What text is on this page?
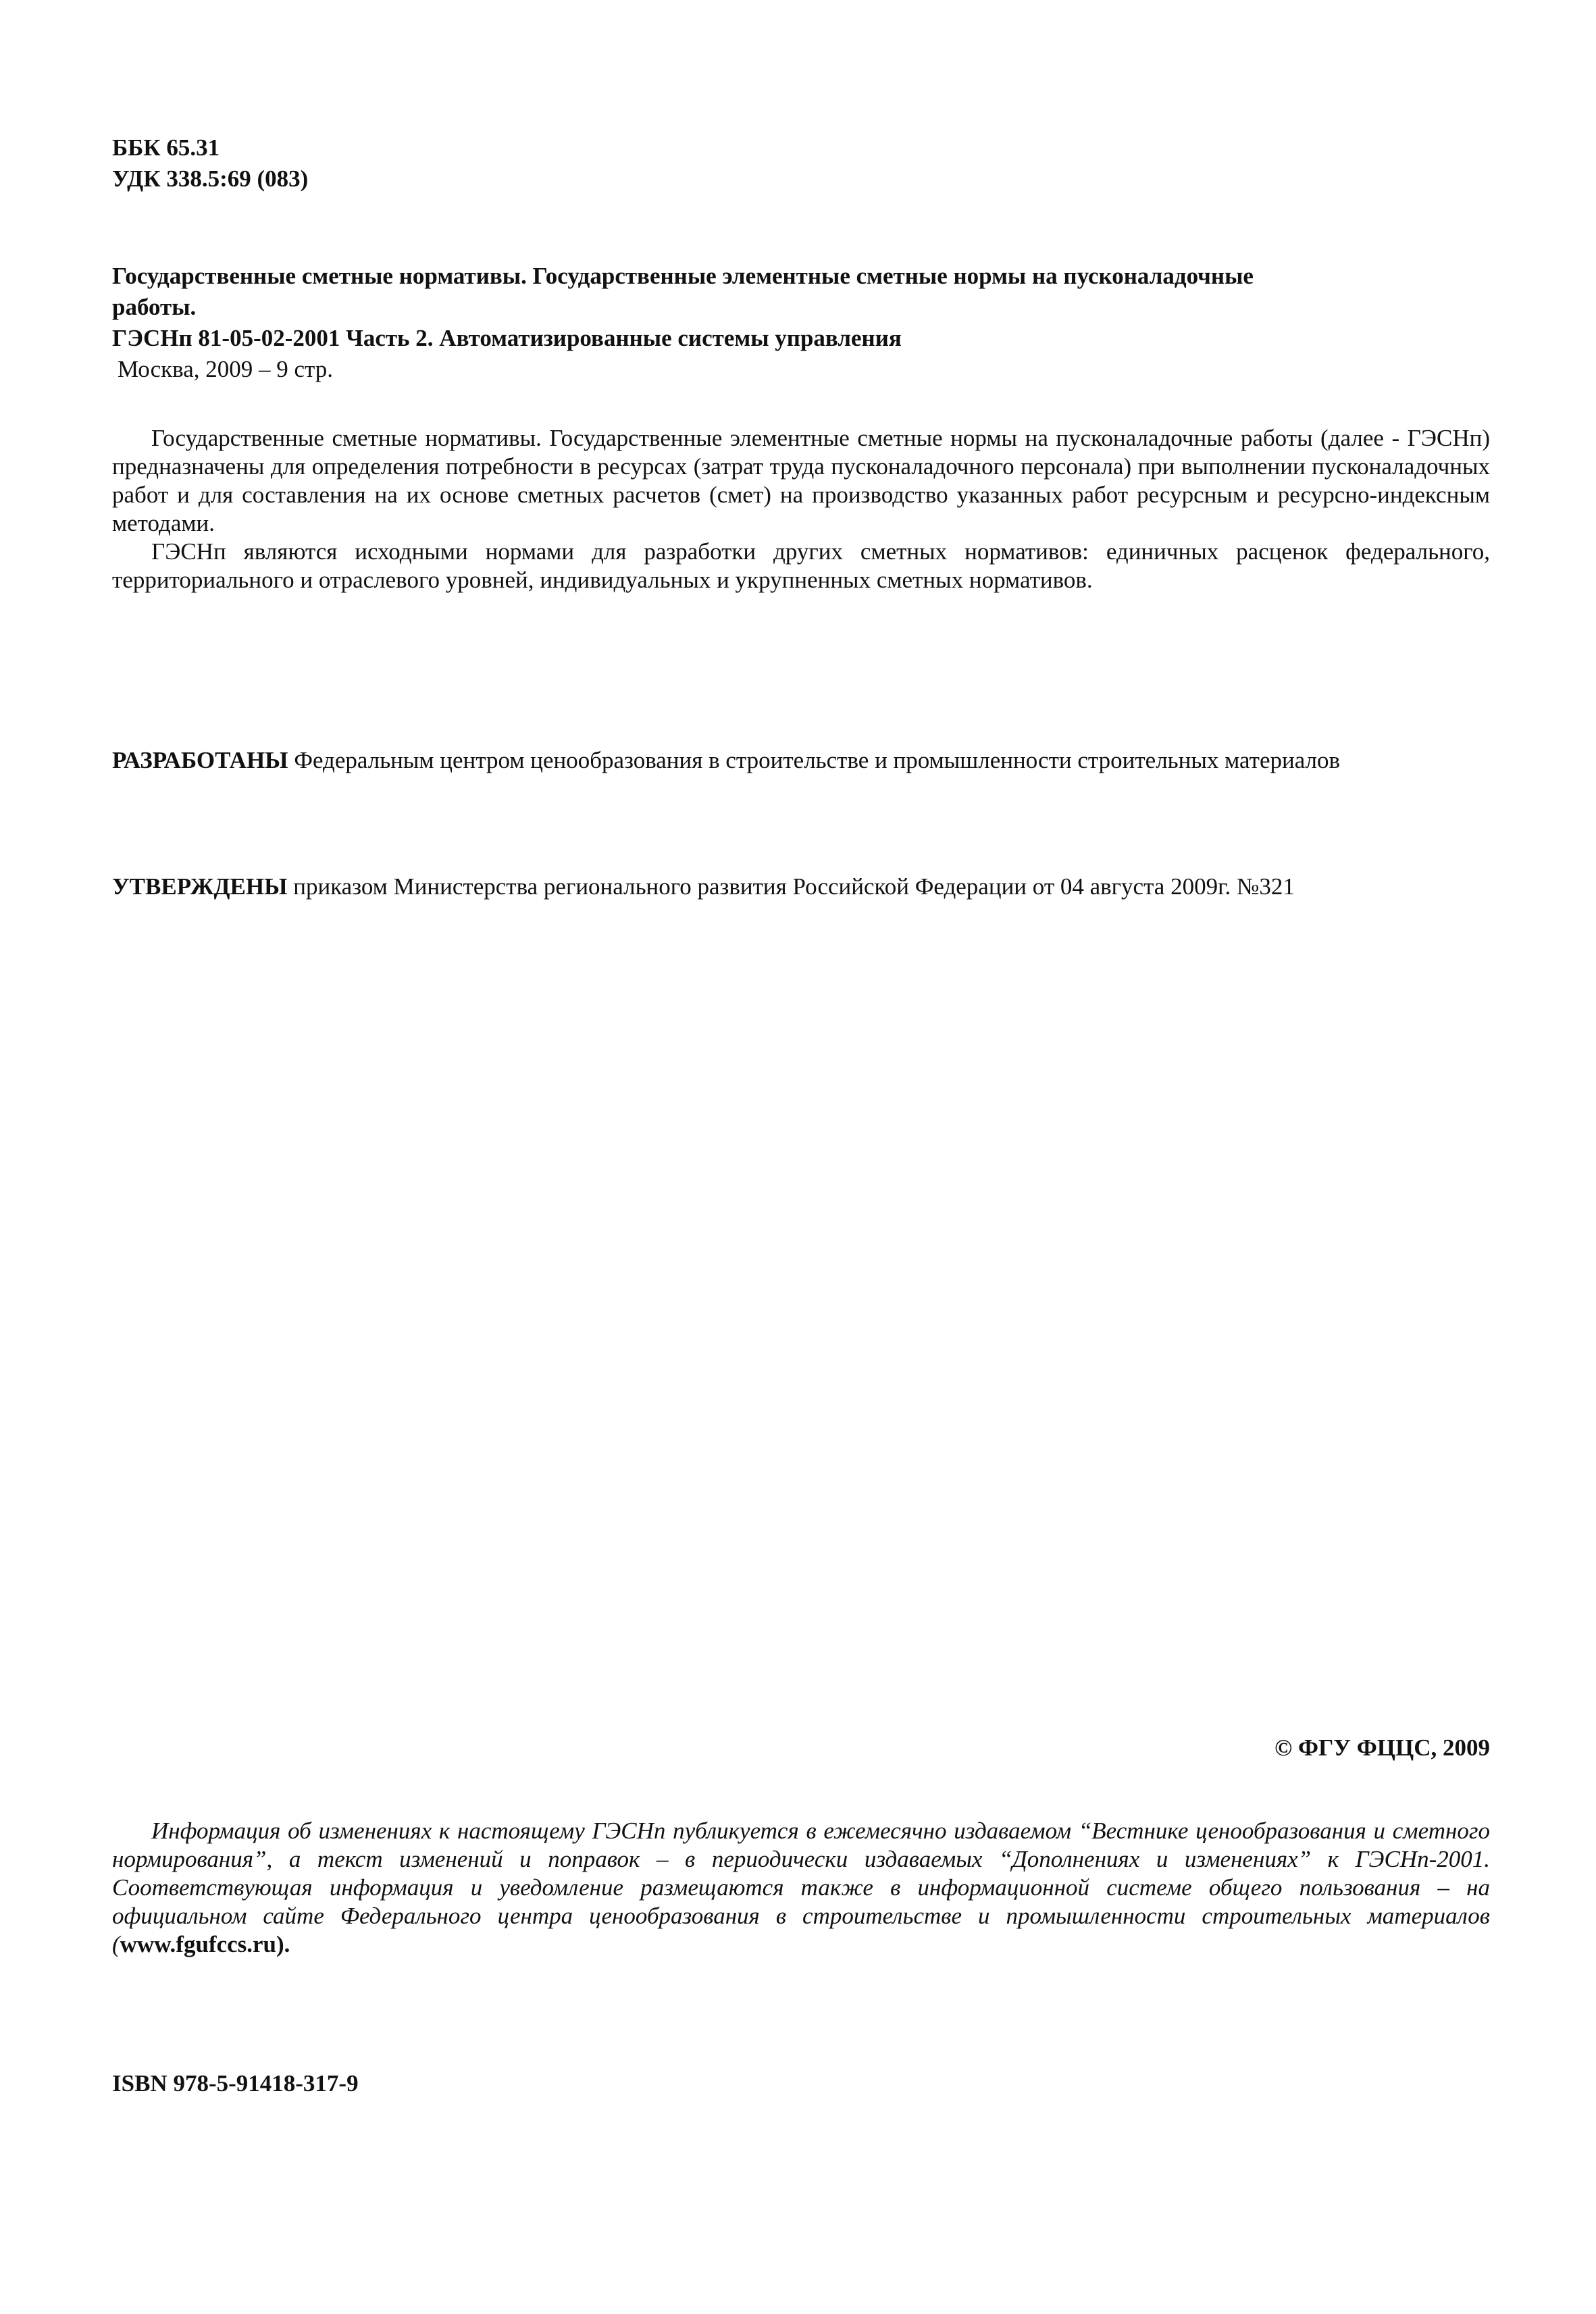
ББК 65.31
УДК 338.5:69 (083)
Государственные сметные нормативы. Государственные элементные сметные нормы на пусконаладочные
работы.
ГЭСНп 81-05-02-2001 Часть 2. Автоматизированные системы управления
Москва, 2009 – 9 стр.

Государственные сметные нормативы. Государственные элементные сметные нормы на пусконаладочные работы (далее - ГЭСНп) предназначены для определения потребности в ресурсах (затрат труда пусконаладочного персонала) при выполнении пусконаладочных работ и для составления на их основе сметных расчетов (смет) на производство указанных работ ресурсным и ресурсно-индексным методами.

ГЭСНп являются исходными нормами для разработки других сметных нормативов: единичных расценок федерального, территориального и отраслевого уровней, индивидуальных и укрупненных сметных нормативов.

РАЗРАБОТАНЫ Федеральным центром ценообразования в строительстве и промышленности строительных материалов

УТВЕРЖДЕНЫ приказом Министерства регионального развития Российской Федерации от 04 августа 2009г. №321

© ФГУ ФЦЦС, 2009

Информация об изменениях к настоящему ГЭСНп публикуется в ежемесячно издаваемом “Вестнике ценообразования и сметного нормирования”, а текст изменений и поправок – в периодически издаваемых “Дополнениях и изменениях” к ГЭСНп-2001. Соответствующая информация и уведомление размещаются также в информационной системе общего пользования – на официальном сайте Федерального центра ценообразования в строительстве и промышленности строительных материалов (www.fgufccs.ru).

ISBN 978-5-91418-317-9
